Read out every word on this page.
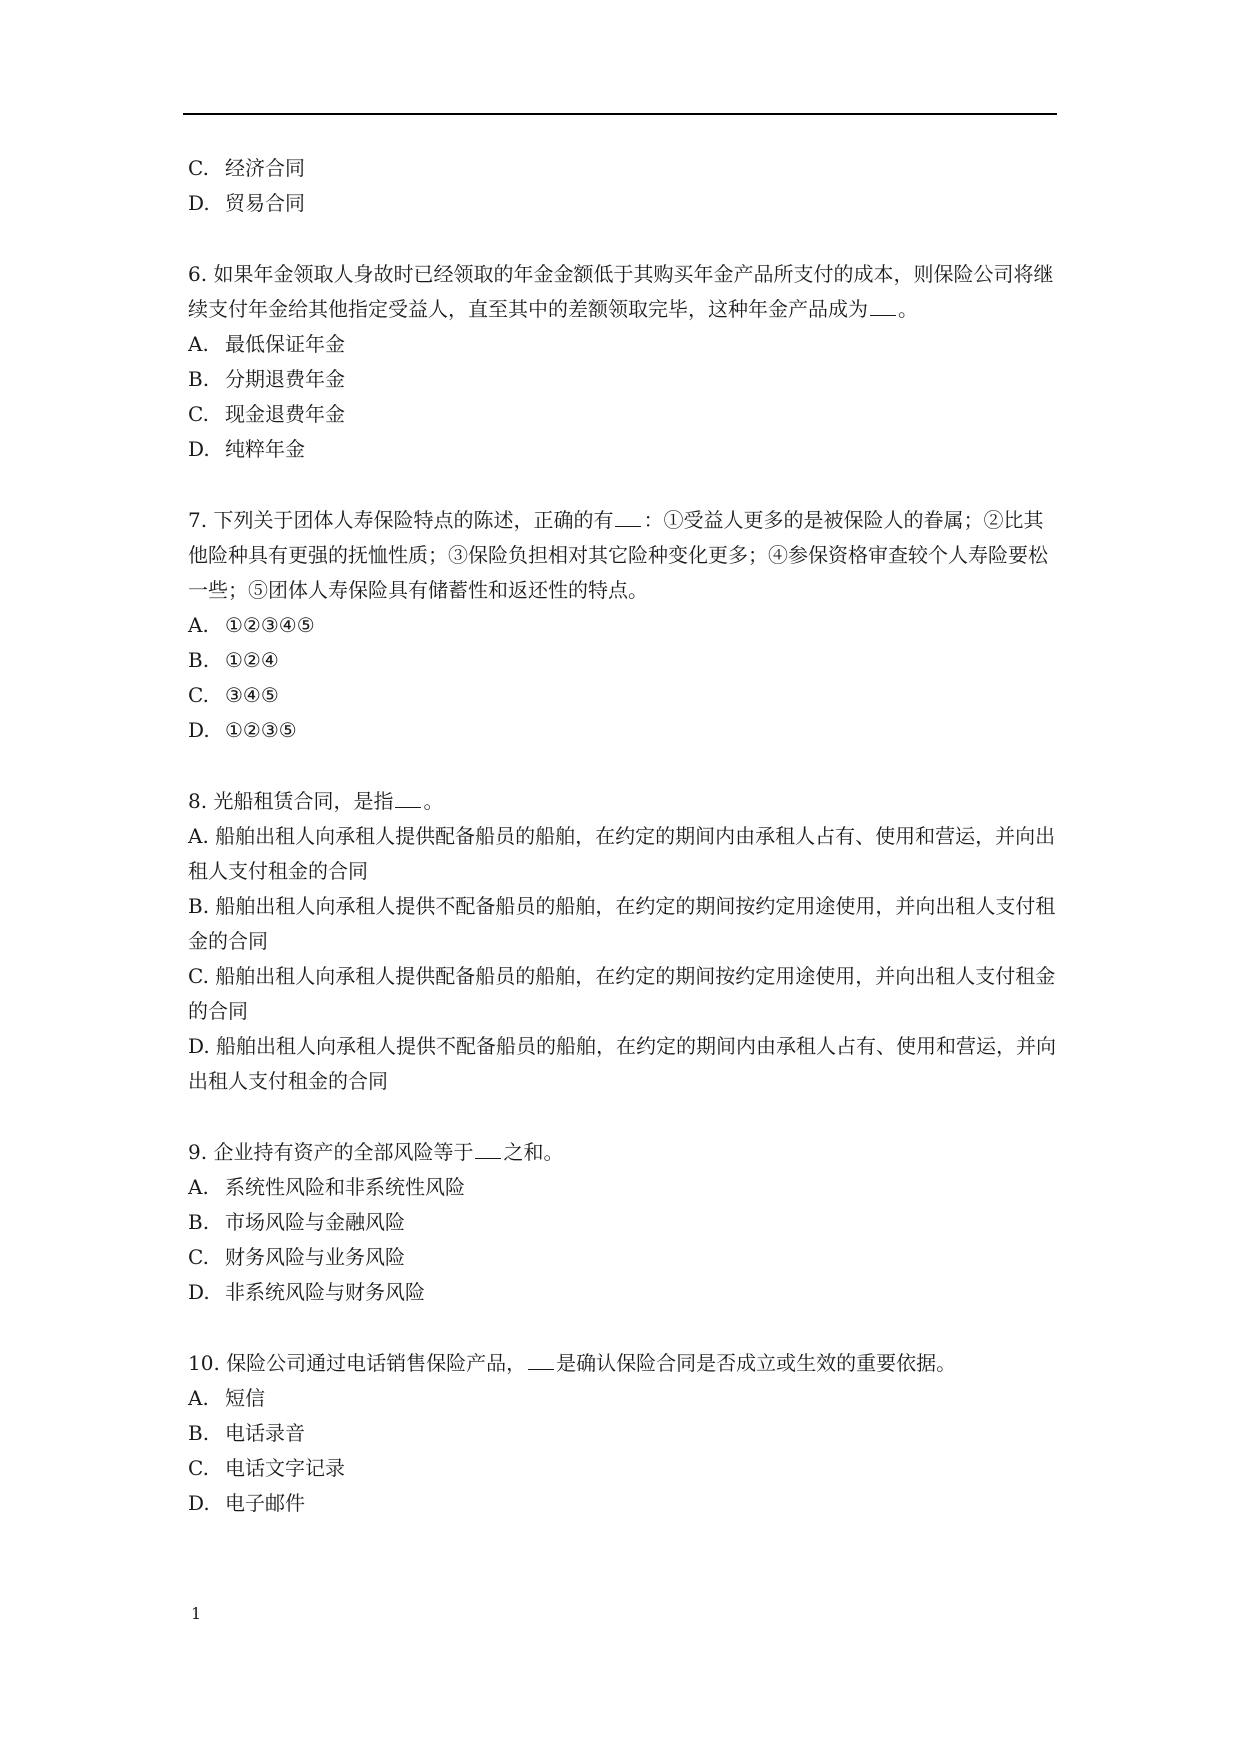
C. 经济合同

D. 贸易合同

6. 如果年金领取人身故时已经领取的年金金额低于其购买年金产品所支付的成本，则保险公司将继续支付年金给其他指定受益人，直至其中的差额领取完毕，这种年金产品成为 。

A. 最低保证年金

B. 分期退费年金

C. 现金退费年金

D. 纯粹年金

7. 下列关于团体人寿保险特点的陈述，正确的有 ：①受益人更多的是被保险人的眷属；②比其他险种具有更强的抚恤性质；③保险负担相对其它险种变化更多；④参保资格审查较个人寿险要松一些；⑤团体人寿保险具有储蓄性和返还性的特点。

A. ①②③④⑤

B. ①②④

C. ③④⑤

D. ①②③⑤

8. 光船租赁合同，是指 。

A. 船舶出租人向承租人提供配备船员的船舶，在约定的期间内由承租人占有、使用和营运，并向出租人支付租金的合同

B. 船舶出租人向承租人提供不配备船员的船舶，在约定的期间按约定用途使用，并向出租人支付租金的合同

C. 船舶出租人向承租人提供配备船员的船舶，在约定的期间按约定用途使用，并向出租人支付租金的合同

D. 船舶出租人向承租人提供不配备船员的船舶，在约定的期间内由承租人占有、使用和营运，并向出租人支付租金的合同

9. 企业持有资产的全部风险等于 之和。

A. 系统性风险和非系统性风险

B. 市场风险与金融风险

C. 财务风险与业务风险

D. 非系统风险与财务风险

10. 保险公司通过电话销售保险产品， 是确认保险合同是否成立或生效的重要依据。

A. 短信

B. 电话录音

C. 电话文字记录

D. 电子邮件

1
